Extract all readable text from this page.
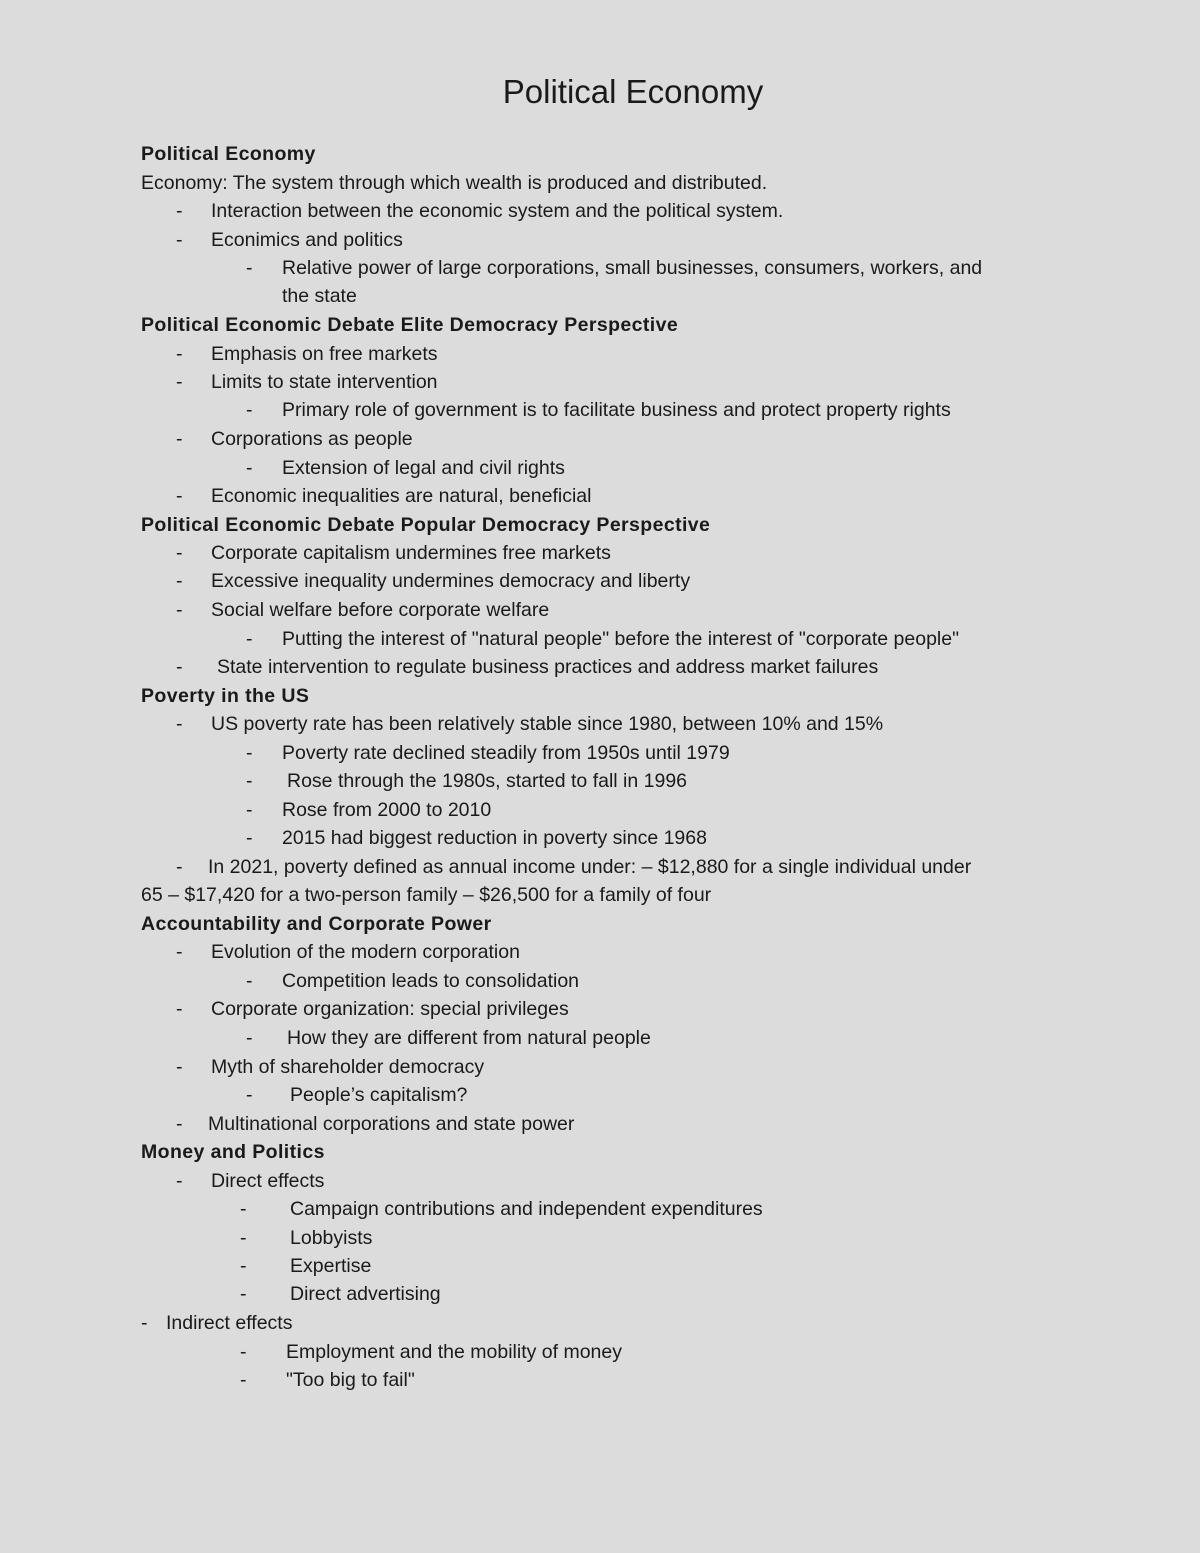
Political Economy
Political Economy
Economy: The system through which wealth is produced and distributed.
- Interaction between the economic system and the political system.
- Econimics and politics
- Relative power of large corporations, small businesses, consumers, workers, and
the state
Political Economic Debate Elite Democracy Perspective
- Emphasis on free markets
- Limits to state intervention
- Primary role of government is to facilitate business and protect property rights
- Corporations as people
- Extension of legal and civil rights
- Economic inequalities are natural, beneficial
Political Economic Debate Popular Democracy Perspective
- Corporate capitalism undermines free markets
- Excessive inequality undermines democracy and liberty
- Social welfare before corporate welfare
- Putting the interest of "natural people" before the interest of "corporate people"
- State intervention to regulate business practices and address market failures
Poverty in the US
- US poverty rate has been relatively stable since 1980, between 10% and 15%
- Poverty rate declined steadily from 1950s until 1979
- Rose through the 1980s, started to fall in 1996
- Rose from 2000 to 2010
- 2015 had biggest reduction in poverty since 1968
- In 2021, poverty defined as annual income under: – $12,880 for a single individual under
65 – $17,420 for a two-person family – $26,500 for a family of four
Accountability and Corporate Power
- Evolution of the modern corporation
- Competition leads to consolidation
- Corporate organization: special privileges
- How they are different from natural people
- Myth of shareholder democracy
- People’s capitalism?
- Multinational corporations and state power
Money and Politics
- Direct effects
- Campaign contributions and independent expenditures
- Lobbyists
- Expertise
- Direct advertising
- Indirect effects
- Employment and the mobility of money
- "Too big to fail"
